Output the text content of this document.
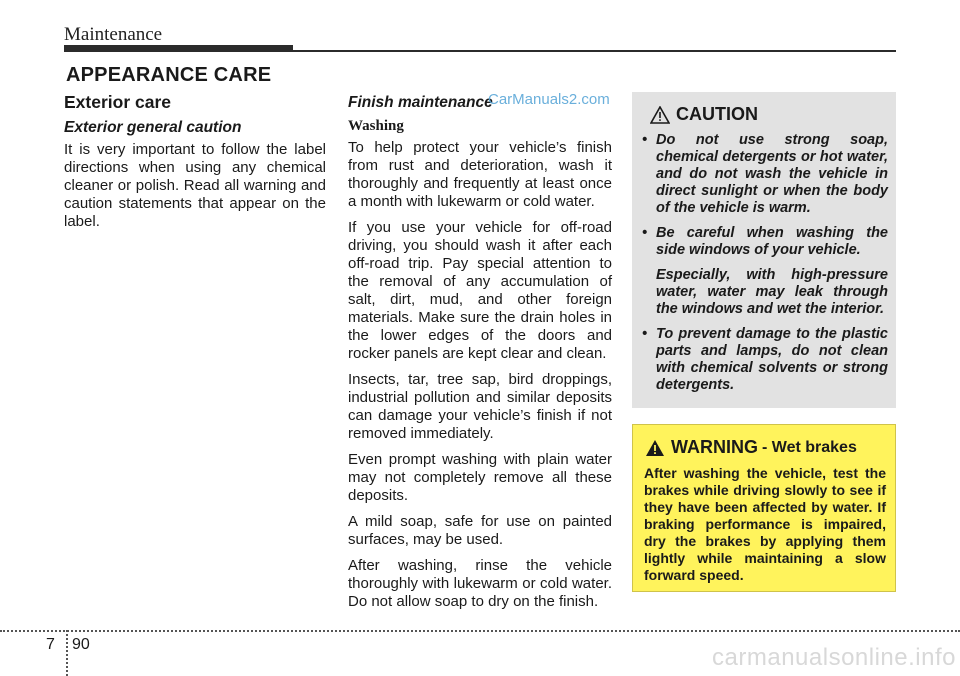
Maintenance
APPEARANCE CARE
Exterior care
Exterior general caution

It is very important to follow the label directions when using any chemical cleaner or polish. Read all warning and caution statements that appear on the label.

Finish maintenance
Washing

To help protect your vehicle’s finish from rust and deterioration, wash it thoroughly and frequently at least once a month with lukewarm or cold water.

If you use your vehicle for off-road driving, you should wash it after each off-road trip. Pay special attention to the removal of any accumulation of salt, dirt, mud, and other foreign materials. Make sure the drain holes in the lower edges of the doors and rocker panels are kept clear and clean.

Insects, tar, tree sap, bird droppings, industrial pollution and similar deposits can damage your vehicle’s finish if not removed immediately.

Even prompt washing with plain water may not completely remove all these deposits.

A mild soap, safe for use on painted surfaces, may be used.

After washing, rinse the vehicle thoroughly with lukewarm or cold water. Do not allow soap to dry on the finish.

CarManuals2.com
CAUTION
• Do not use strong soap, chemical detergents or hot water, and do not wash the vehicle in direct sunlight or when the body of the vehicle is warm.
• Be careful when washing the side windows of your vehicle.

Especially, with high-pressure water, water may leak through the windows and wet the interior.

• To prevent damage to the plastic parts and lamps, do not clean with chemical solvents or strong detergents.
WARNING - Wet brakes
After washing the vehicle, test the brakes while driving slowly to see if they have been affected by water. If braking performance is impaired, dry the brakes by applying them lightly while maintaining a slow forward speed.
7 90	carmanualsonline.info
